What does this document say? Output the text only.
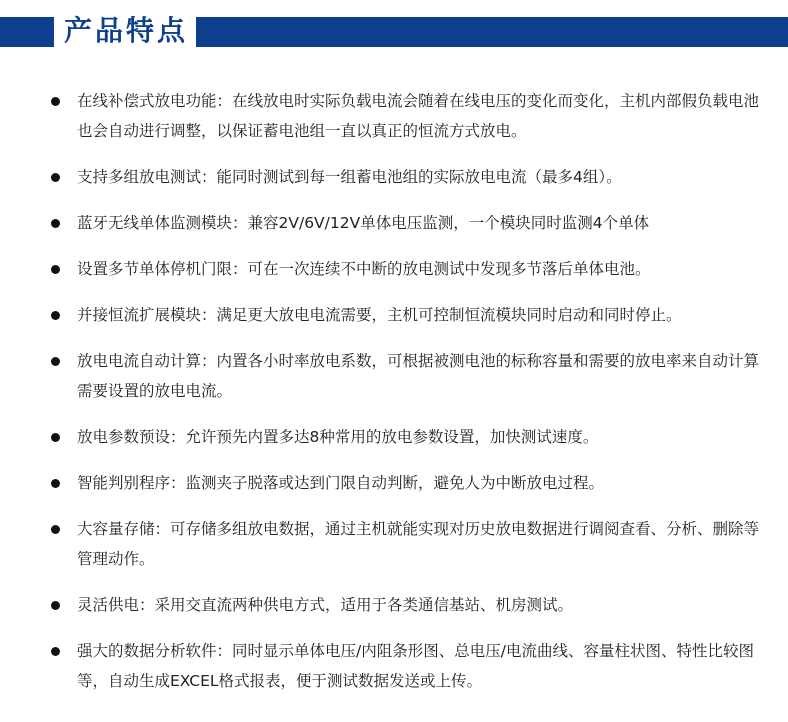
产品特点
在线补偿式放电功能：在线放电时实际负载电流会随着在线电压的变化而变化，主机内部假负载电池也会自动进行调整，以保证蓄电池组一直以真正的恒流方式放电。
支持多组放电测试：能同时测试到每一组蓄电池组的实际放电电流（最多4组）。
蓝牙无线单体监测模块：兼容2V/6V/12V单体电压监测，一个模块同时监测4个单体
设置多节单体停机门限：可在一次连续不中断的放电测试中发现多节落后单体电池。
并接恒流扩展模块：满足更大放电电流需要，主机可控制恒流模块同时启动和同时停止。
放电电流自动计算：内置各小时率放电系数，可根据被测电池的标称容量和需要的放电率来自动计算需要设置的放电电流。
放电参数预设：允许预先内置多达8种常用的放电参数设置，加快测试速度。
智能判别程序：监测夹子脱落或达到门限自动判断，避免人为中断放电过程。
大容量存储：可存储多组放电数据，通过主机就能实现对历史放电数据进行调阅查看、分析、删除等管理动作。
灵活供电：采用交直流两种供电方式，适用于各类通信基站、机房测试。
强大的数据分析软件：同时显示单体电压/内阻条形图、总电压/电流曲线、容量柱状图、特性比较图等，自动生成EXCEL格式报表，便于测试数据发送或上传。
